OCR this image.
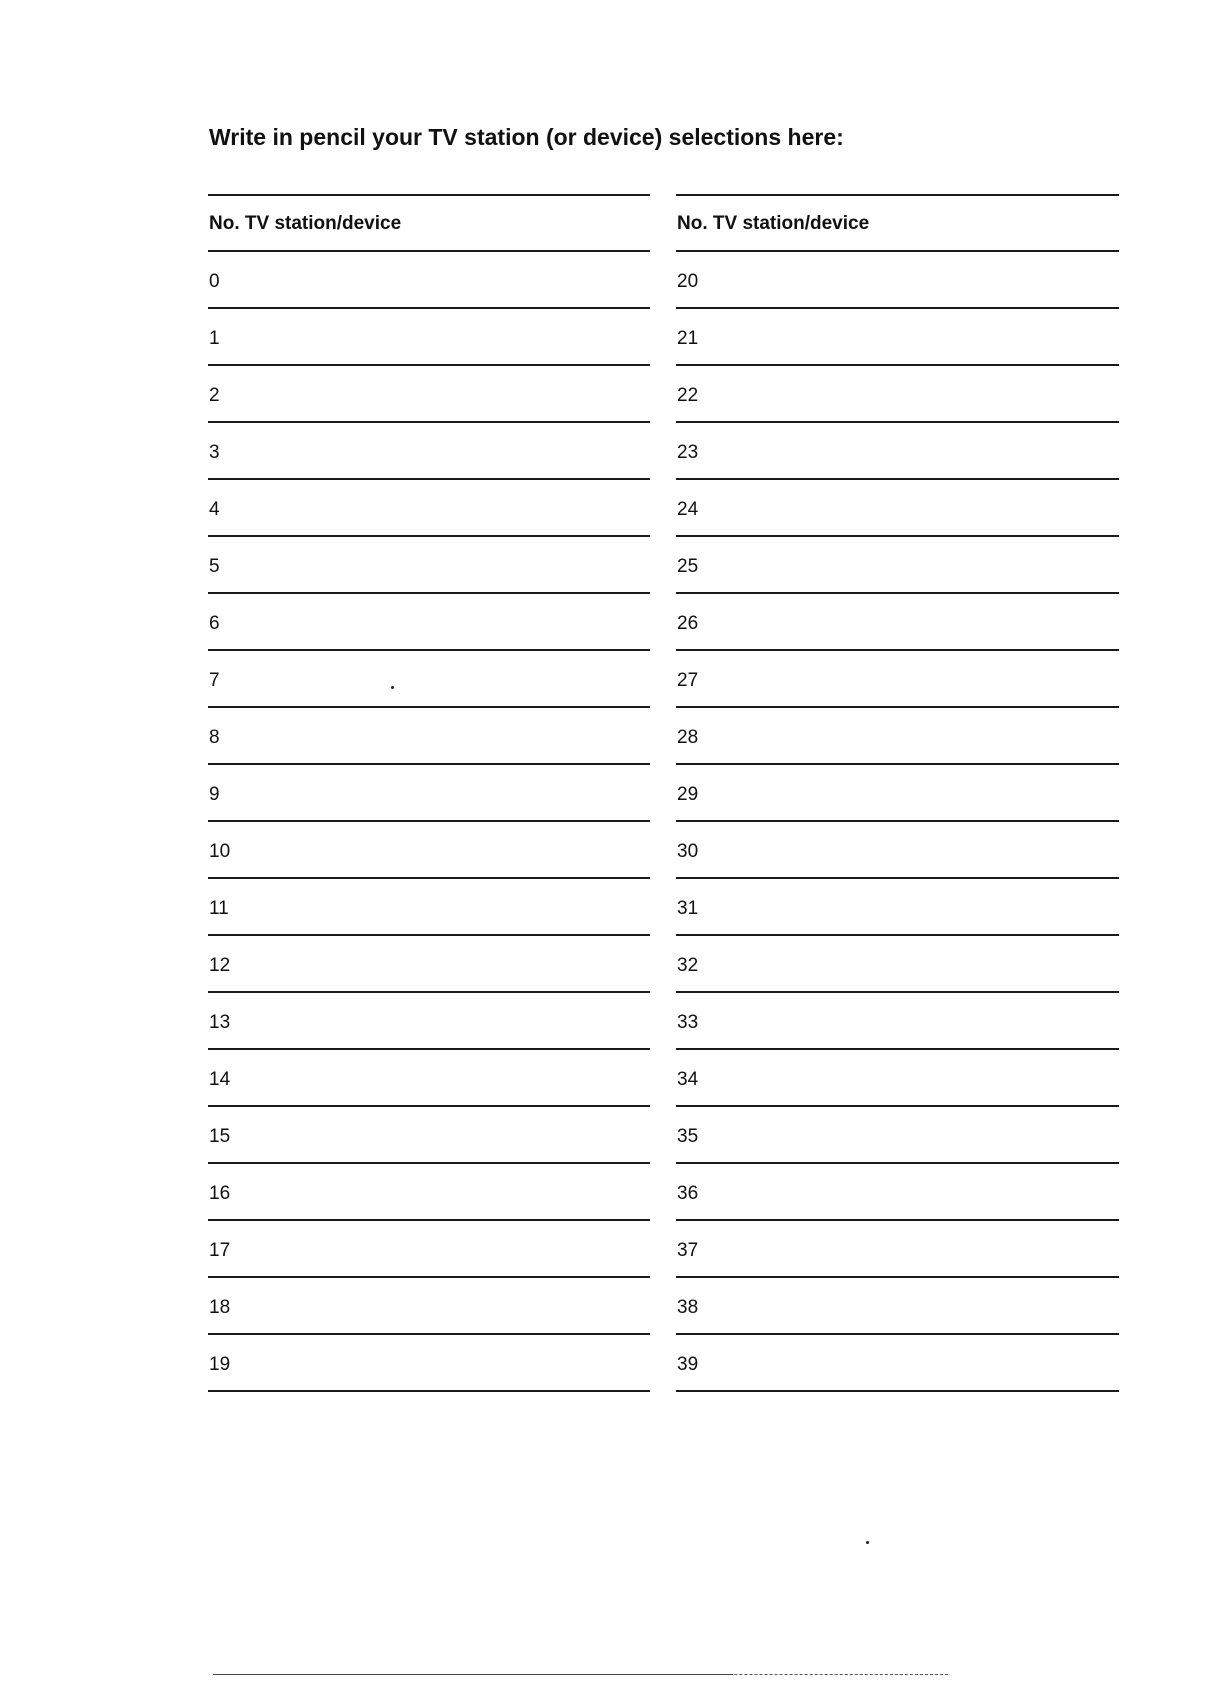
Write in pencil your TV station (or device) selections here:
No. TV station/device
0
1
2
3
4
5
6
7
8
9
10
11
12
13
14
15
16
17
18
19
No. TV station/device
20
21
22
23
24
25
26
27
28
29
30
31
32
33
34
35
36
37
38
39
